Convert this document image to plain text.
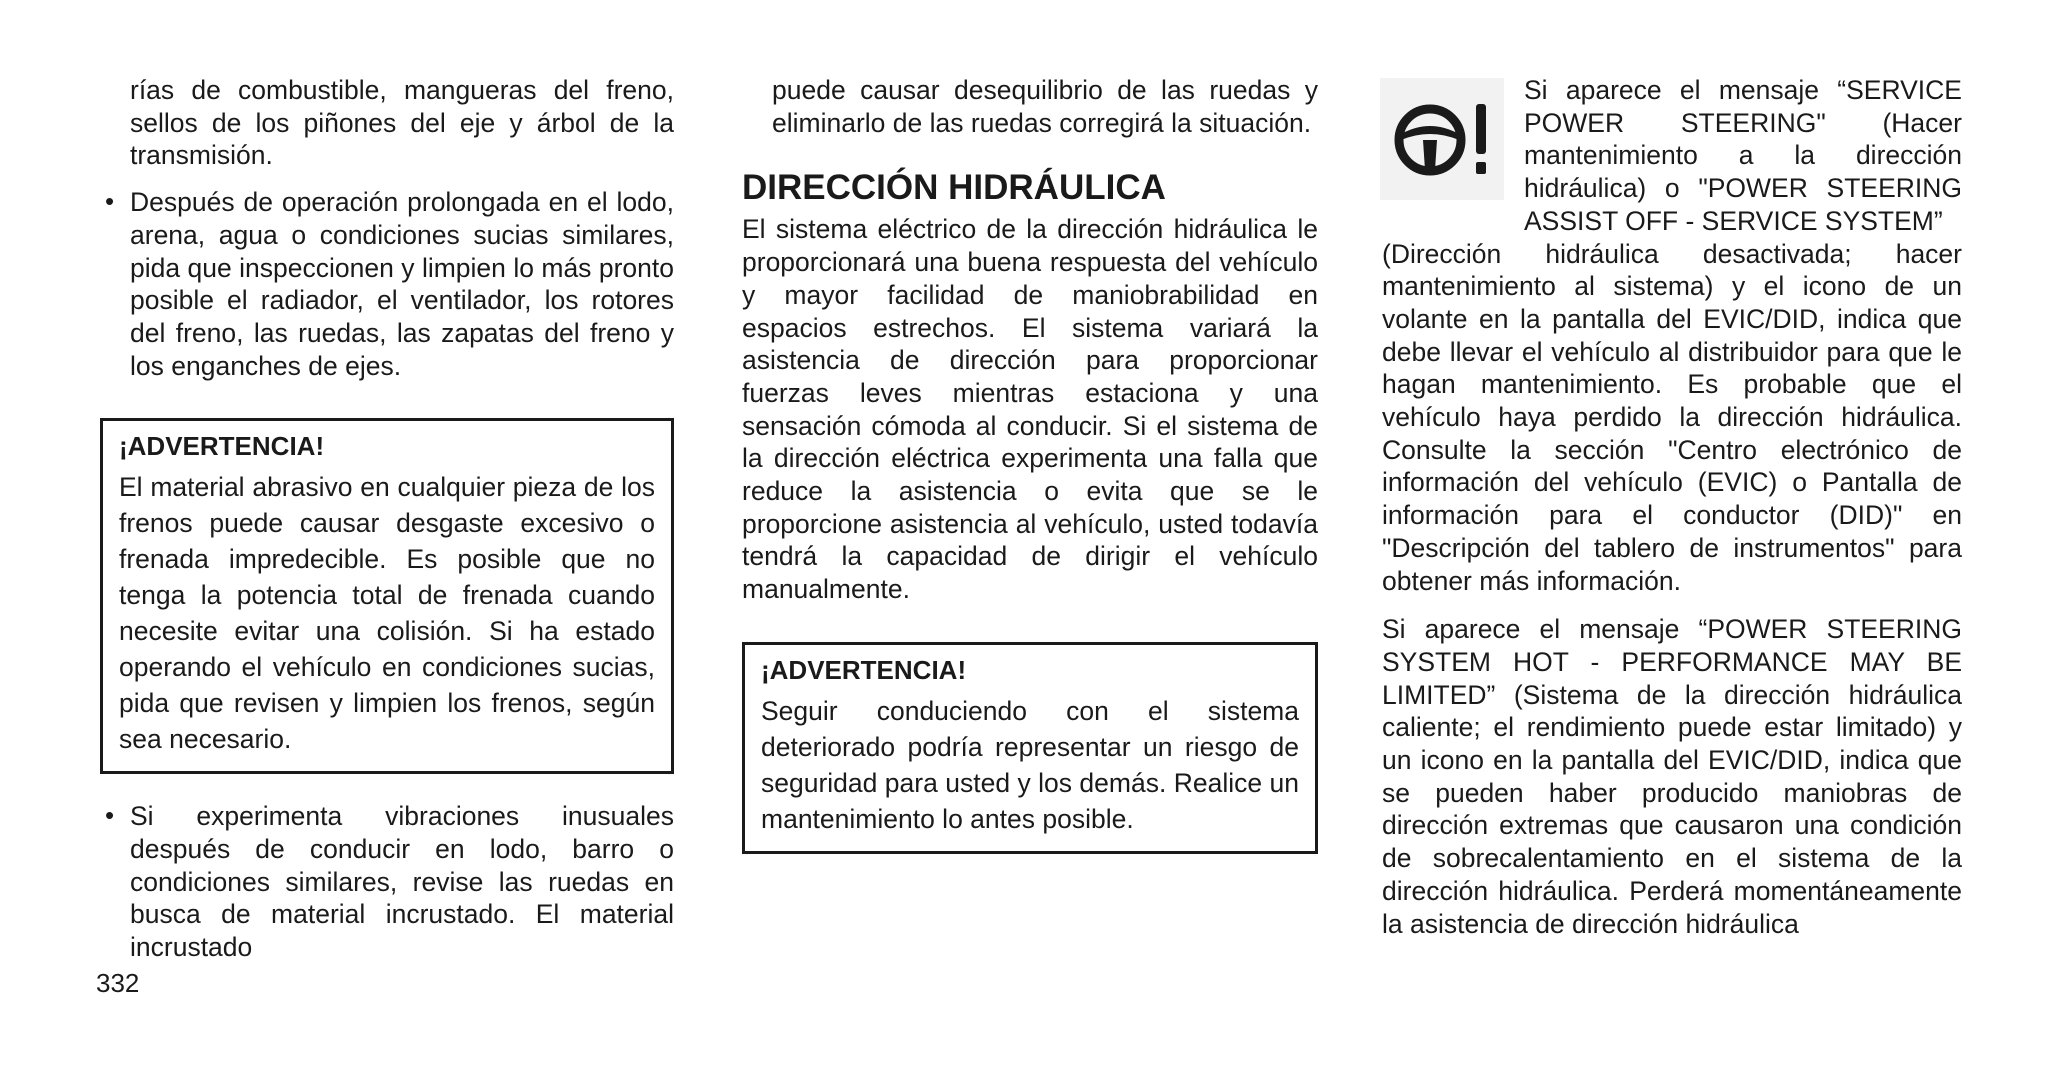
rías de combustible, mangueras del freno, sellos de los piñones del eje y árbol de la transmisión.

• Después de operación prolongada en el lodo, arena, agua o condiciones sucias similares, pida que inspeccionen y limpien lo más pronto posible el radiador, el ventilador, los rotores del freno, las ruedas, las zapatas del freno y los enganches de ejes.

¡ADVERTENCIA!

El material abrasivo en cualquier pieza de los frenos puede causar desgaste excesivo o frenada impredecible. Es posible que no tenga la potencia total de frenada cuando necesite evitar una colisión. Si ha estado operando el vehículo en condiciones sucias, pida que revisen y limpien los frenos, según sea necesario.

• Si experimenta vibraciones inusuales después de conducir en lodo, barro o condiciones similares, revise las ruedas en busca de material incrustado. El material incrustado

puede causar desequilibrio de las ruedas y eliminarlo de las ruedas corregirá la situación.

DIRECCIÓN HIDRÁULICA

El sistema eléctrico de la dirección hidráulica le proporcionará una buena respuesta del vehículo y mayor facilidad de maniobrabilidad en espacios estrechos. El sistema variará la asistencia de dirección para proporcionar fuerzas leves mientras estaciona y una sensación cómoda al conducir. Si el sistema de la dirección eléctrica experimenta una falla que reduce la asistencia o evita que se le proporcione asistencia al vehículo, usted todavía tendrá la capacidad de dirigir el vehículo manualmente.

¡ADVERTENCIA!

Seguir conduciendo con el sistema deteriorado podría representar un riesgo de seguridad para usted y los demás. Realice un mantenimiento lo antes posible.

Si aparece el mensaje “SERVICE POWER STEERING" (Hacer mantenimiento a la dirección hidráulica) o "POWER STEERING ASSIST OFF - SERVICE SYSTEM”

(Dirección hidráulica desactivada; hacer mantenimiento al sistema) y el icono de un volante en la pantalla del EVIC/DID, indica que debe llevar el vehículo al distribuidor para que le hagan mantenimiento. Es probable que el vehículo haya perdido la dirección hidráulica. Consulte la sección "Centro electrónico de información del vehículo (EVIC) o Pantalla de información para el conductor (DID)" en "Descripción del tablero de instrumentos" para obtener más información.

Si aparece el mensaje “POWER STEERING SYSTEM HOT - PERFORMANCE MAY BE LIMITED” (Sistema de la dirección hidráulica caliente; el rendimiento puede estar limitado) y un icono en la pantalla del EVIC/DID, indica que se pueden haber producido maniobras de dirección extremas que causaron una condición de sobrecalentamiento en el sistema de la dirección hidráulica. Perderá momentáneamente la asistencia de dirección hidráulica

332
